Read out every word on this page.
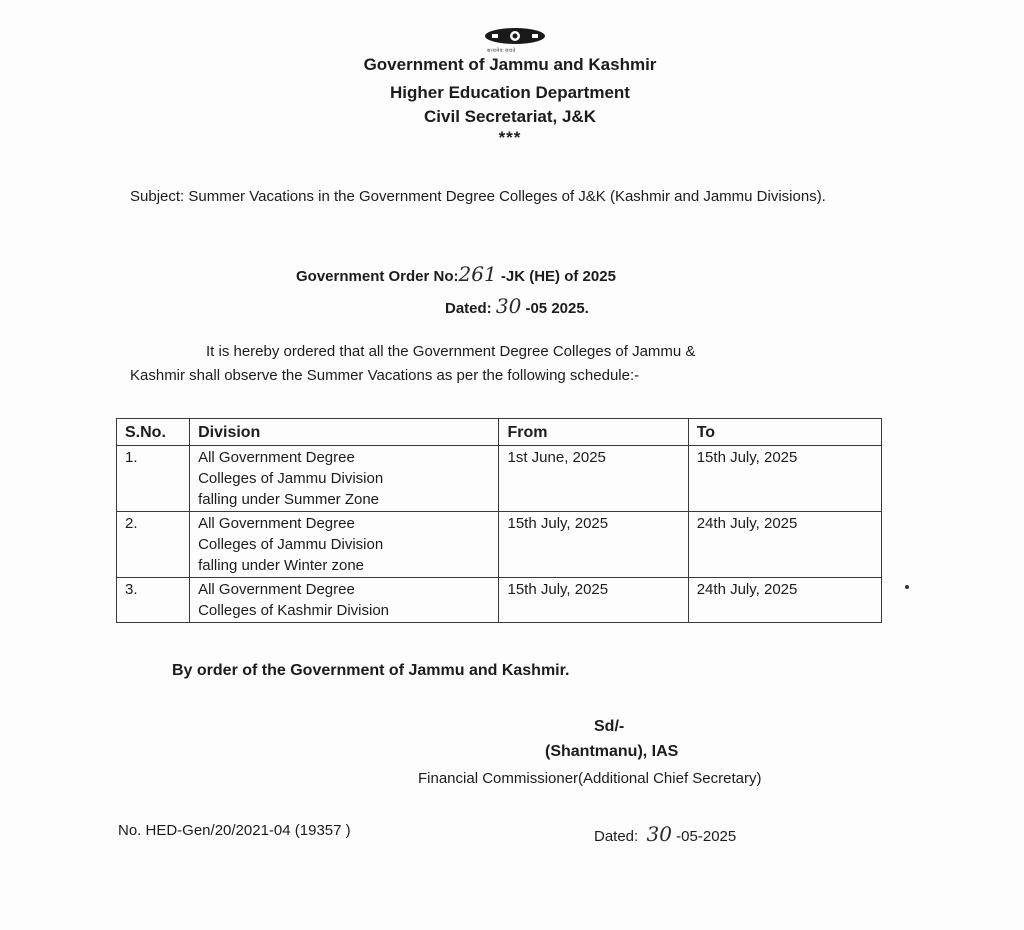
सत्यमेव जयते
Government of Jammu and Kashmir
Higher Education Department
Civil Secretariat, J&K
***
Subject: Summer Vacations in the Government Degree Colleges of J&K (Kashmir and Jammu Divisions).
Government Order No:261 -JK (HE) of 2025
Dated: 30 -05 2025.
It is hereby ordered that all the Government Degree Colleges of Jammu &
Kashmir shall observe the Summer Vacations as per the following schedule:-
S.No.	Division	From	To
1.	All Government Degree
Colleges of Jammu Division
falling under Summer Zone	1st June, 2025	15th July, 2025
2.	All Government Degree
Colleges of Jammu Division
falling under Winter zone	15th July, 2025	24th July, 2025
3.	All Government Degree
Colleges of Kashmir Division	15th July, 2025	24th July, 2025
By order of the Government of Jammu and Kashmir.
Sd/-
(Shantmanu), IAS
Financial Commissioner(Additional Chief Secretary)
No. HED-Gen/20/2021-04 (19357 )	Dated: 30 -05-2025
